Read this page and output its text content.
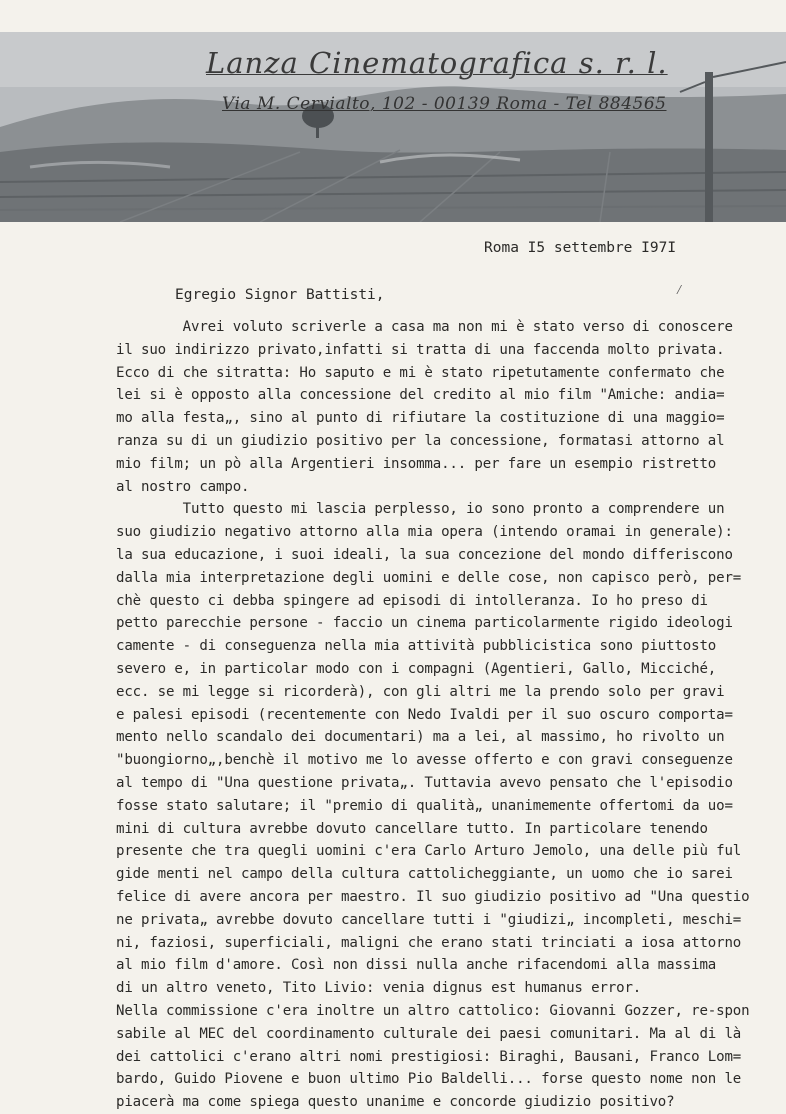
Lanza Cinematografica s. r. l.
Via M. Cervialto, 102 - 00139 Roma - Tel 884565
Roma I5 settembre I97I
Egregio Signor Battisti,	⁄
Avrei voluto scriverle a casa ma non mi è stato verso di conoscere
il suo indirizzo privato,infatti si tratta di una faccenda molto privata.
Ecco di che sitratta: Ho saputo e mi è stato ripetutamente confermato che
lei si è opposto alla concessione del credito al mio film "Amiche: andia=
mo alla festa„, sino al punto di rifiutare la costituzione di una maggio=
ranza su di un giudizio positivo per la concessione, formatasi attorno al
mio film; un pò alla Argentieri insomma... per fare un esempio ristretto
al nostro campo.
Tutto questo mi lascia perplesso, io sono pronto a comprendere un
suo giudizio negativo attorno alla mia opera (intendo oramai in generale):
la sua educazione, i suoi ideali, la sua concezione del mondo differiscono
dalla mia interpretazione degli uomini e delle cose, non capisco però, per=
chè questo ci debba spingere ad episodi di intolleranza. Io ho preso di
petto parecchie persone - faccio un cinema particolarmente rigido ideologi
camente - di conseguenza nella mia attività pubblicistica sono piuttosto
severo e, in particolar modo con i compagni (Agentieri, Gallo, Micciché,
ecc. se mi legge si ricorderà), con gli altri me la prendo solo per gravi
e palesi episodi (recentemente con Nedo Ivaldi per il suo oscuro comporta=
mento nello scandalo dei documentari) ma a lei, al massimo, ho rivolto un
"buongiorno„,benchè il motivo me lo avesse offerto e con gravi conseguenze
al tempo di "Una questione privata„. Tuttavia avevo pensato che l'episodio
fosse stato salutare; il "premio di qualità„ unanimemente offertomi da uo=
mini di cultura avrebbe dovuto cancellare tutto. In particolare tenendo
presente che tra quegli uomini c'era Carlo Arturo Jemolo, una delle più ful
gide menti nel campo della cultura cattolicheggiante, un uomo che io sarei
felice di avere ancora per maestro. Il suo giudizio positivo ad "Una questio
ne privata„ avrebbe dovuto cancellare tutti i "giudizi„ incompleti, meschi=
ni, faziosi, superficiali, maligni che erano stati trinciati a iosa attorno
al mio film d'amore. Così non dissi nulla anche rifacendomi alla massima
di un altro veneto, Tito Livio: venia dignus est humanus error.
Nella commissione c'era inoltre un altro cattolico: Giovanni Gozzer, re-spon
sabile al MEC del coordinamento culturale dei paesi comunitari. Ma al di là
dei cattolici c'erano altri nomi prestigiosi: Biraghi, Bausani, Franco Lom=
bardo, Guido Piovene e buon ultimo Pio Baldelli... forse questo nome non le
piacerà ma come spiega questo unanime e concorde giudizio positivo?
